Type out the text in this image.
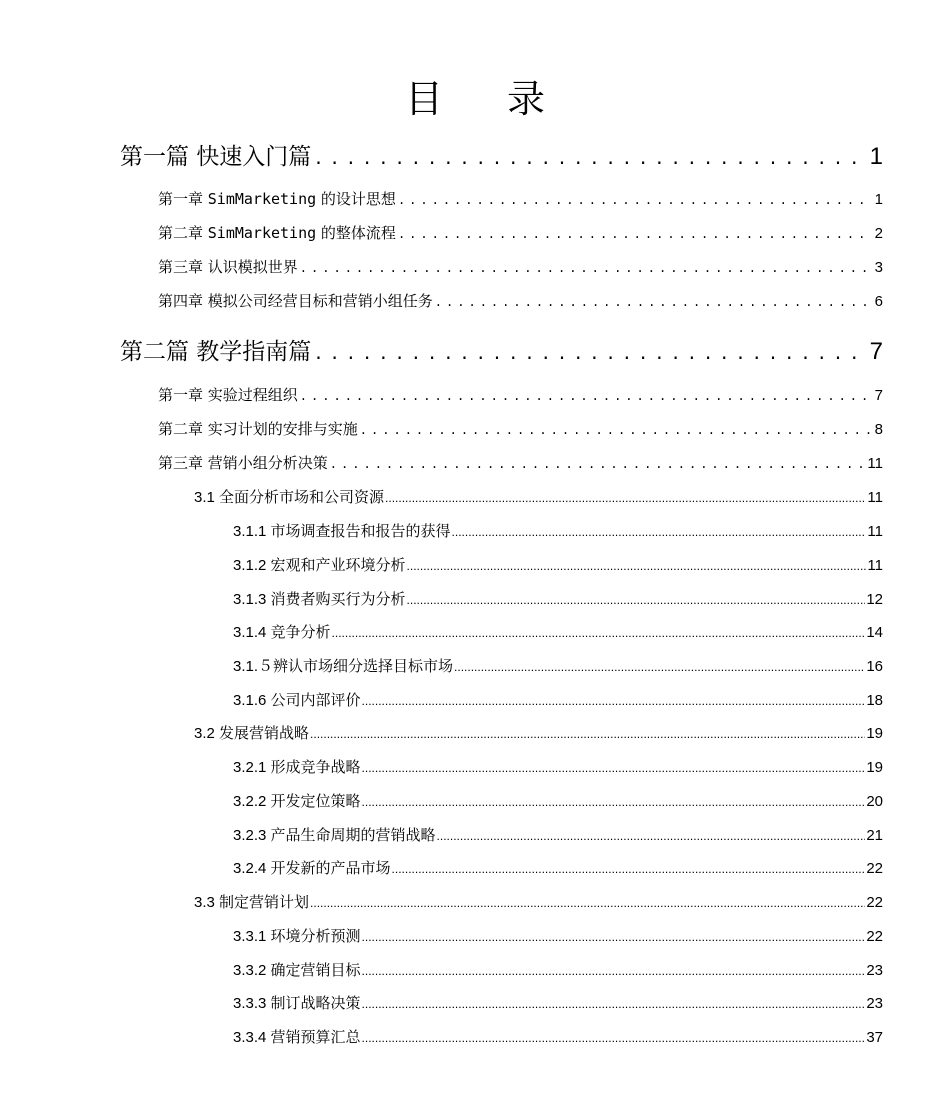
目 录
第一篇 快速入门篇 .....	1
第一章 SimMarketing 的设计思想 .....	1
第二章 SimMarketing 的整体流程 .....	2
第三章 认识模拟世界 .....	3
第四章 模拟公司经营目标和营销小组任务 .....	6
第二篇 教学指南篇 .....	7
第一章 实验过程组织 .....	7
第二章 实习计划的安排与实施 .....	8
第三章 营销小组分析决策 .....	11
3.1 全面分析市场和公司资源 .....	11
3.1.1 市场调查报告和报告的获得 .....	11
3.1.2 宏观和产业环境分析 .....	11
3.1.3 消费者购买行为分析 .....	12
3.1.4 竞争分析 .....	14
3.1.５辨认市场细分选择目标市场 .....	16
3.1.6 公司内部评价 .....	18
3.2 发展营销战略 .....	19
3.2.1 形成竞争战略 .....	19
3.2.2 开发定位策略 .....	20
3.2.3 产品生命周期的营销战略 .....	21
3.2.4 开发新的产品市场 .....	22
3.3 制定营销计划 .....	22
3.3.1 环境分析预测 .....	22
3.3.2 确定营销目标 .....	23
3.3.3 制订战略决策 .....	23
3.3.4 营销预算汇总 .....	37
